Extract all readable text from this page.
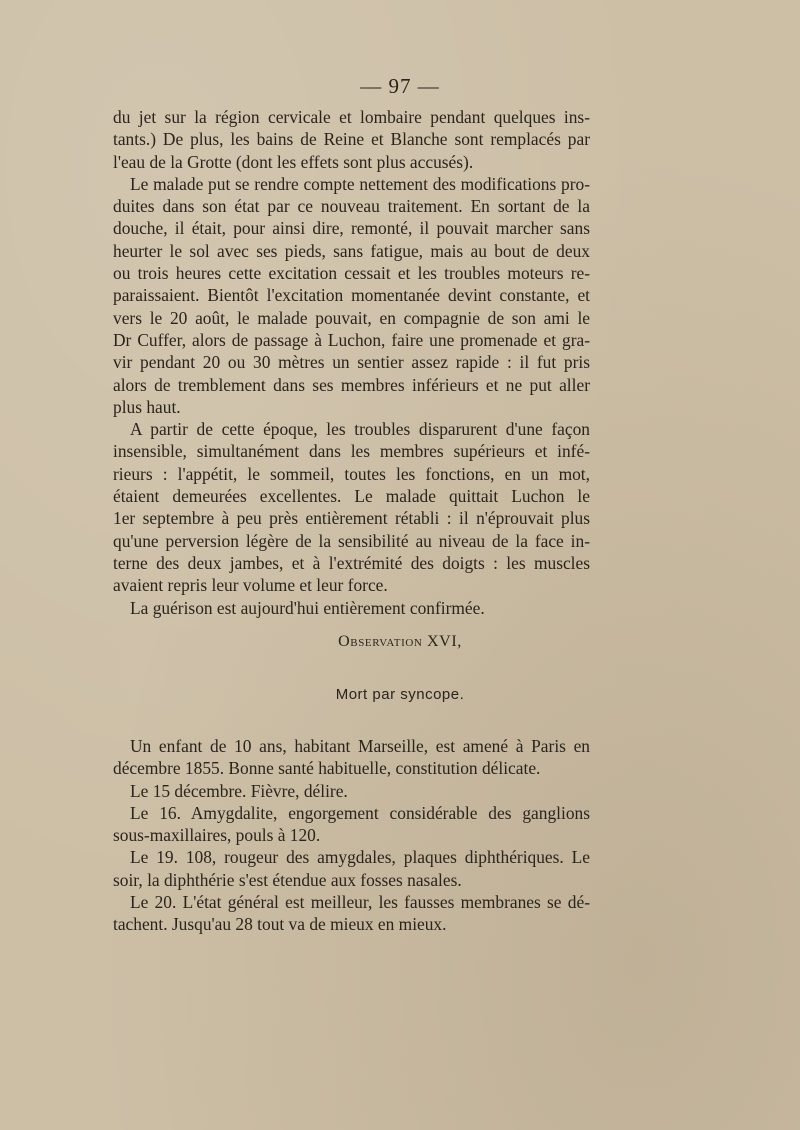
— 97 —
du jet sur la région cervicale et lombaire pendant quelques ins-
tants.) De plus, les bains de Reine et Blanche sont remplacés par
l'eau de la Grotte (dont les effets sont plus accusés).
Le malade put se rendre compte nettement des modifications pro-
duites dans son état par ce nouveau traitement. En sortant de la
douche, il était, pour ainsi dire, remonté, il pouvait marcher sans
heurter le sol avec ses pieds, sans fatigue, mais au bout de deux
ou trois heures cette excitation cessait et les troubles moteurs re-
paraissaient. Bientôt l'excitation momentanée devint constante, et
vers le 20 août, le malade pouvait, en compagnie de son ami le
Dr Cuffer, alors de passage à Luchon, faire une promenade et gra-
vir pendant 20 ou 30 mètres un sentier assez rapide : il fut pris
alors de tremblement dans ses membres inférieurs et ne put aller
plus haut.
A partir de cette époque, les troubles disparurent d'une façon
insensible, simultanément dans les membres supérieurs et infé-
rieurs : l'appétit, le sommeil, toutes les fonctions, en un mot,
étaient demeurées excellentes. Le malade quittait Luchon le
1er septembre à peu près entièrement rétabli : il n'éprouvait plus
qu'une perversion légère de la sensibilité au niveau de la face in-
terne des deux jambes, et à l'extrémité des doigts : les muscles
avaient repris leur volume et leur force.
La guérison est aujourd'hui entièrement confirmée.
Observation XVI,
Mort par syncope.
Un enfant de 10 ans, habitant Marseille, est amené à Paris en
décembre 1855. Bonne santé habituelle, constitution délicate.
Le 15 décembre. Fièvre, délire.
Le 16. Amygdalite, engorgement considérable des ganglions
sous-maxillaires, pouls à 120.
Le 19. 108, rougeur des amygdales, plaques diphthériques. Le
soir, la diphthérie s'est étendue aux fosses nasales.
Le 20. L'état général est meilleur, les fausses membranes se dé-
tachent. Jusqu'au 28 tout va de mieux en mieux.
